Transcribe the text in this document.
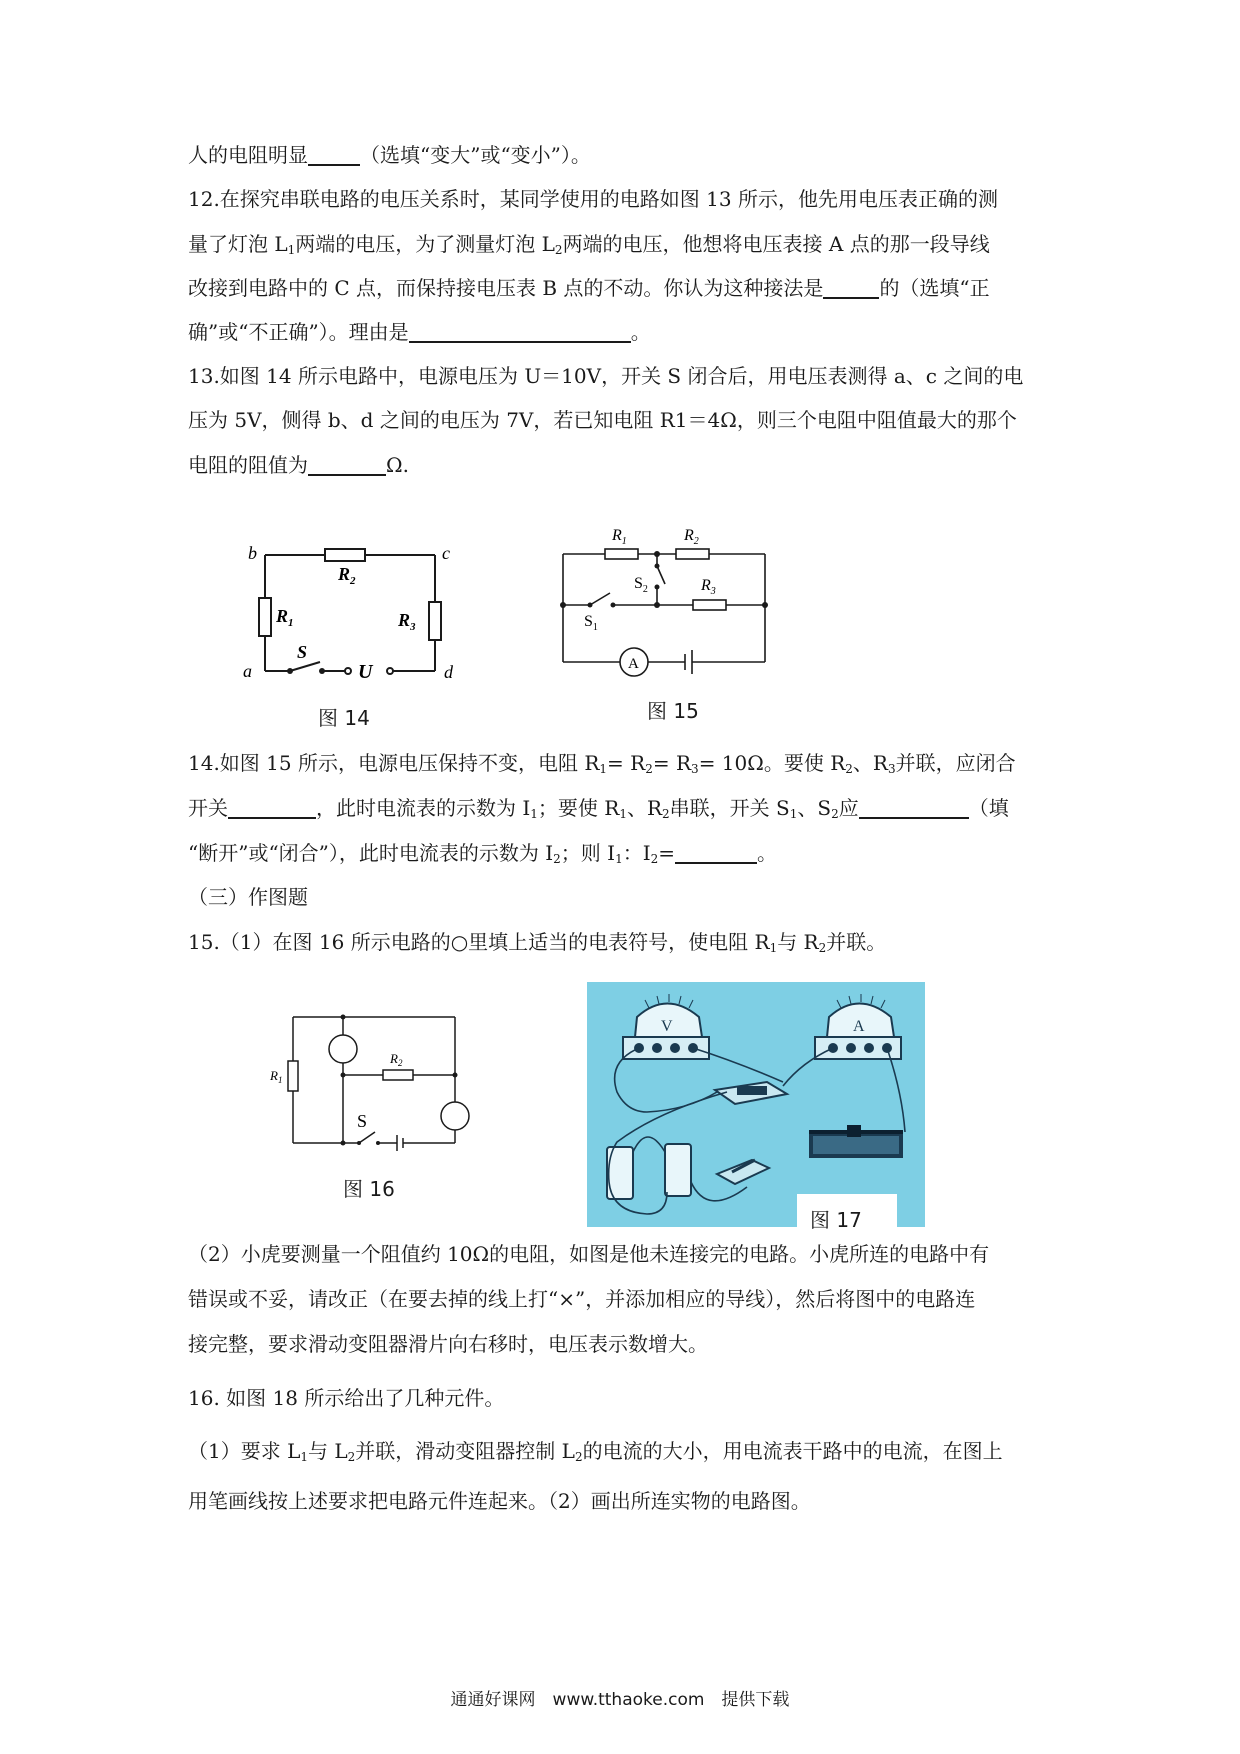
人的电阻明显	（选填“变大”或“变小”）。
12.在探究串联电路的电压关系时，某同学使用的电路如图 13 所示，他先用电压表正确的测
量了灯泡 $L_1$两端的电压，为了测量灯泡 $L_2$两端的电压，他想将电压表接 A 点的那一段导线
改接到电路中的 C 点，而保持接电压表 B 点的不动。你认为这种接法是	的（选填“正
确”或“不正确”）。理由是	。
13.如图 14 所示电路中，电源电压为 U＝10V，开关 S 闭合后，用电压表测得 a、c 之间的电
压为 5V，侧得 b、d 之间的电压为 7V，若已知电阻 R1＝4Ω，则三个电阻中阻值最大的那个
电阻的阻值为	Ω.
b	c
a	d
$R_2$
$R_1$	$R_3$
S
U
图 14
$R_1$	$R_2$
$R_3$
$S_2$
$S_1$
A
图 15
14.如图 15 所示，电源电压保持不变，电阻 $R_1= R_2= R_3= 10\Omega$。要使 $R_2$、$R_3$并联，应闭合
开关	，此时电流表的示数为 $I_1$；要使 $R_1$、$R_2$串联，开关 $S_1$、$S_2$应	（填
“断开”或“闭合”），此时电流表的示数为 $I_2$；则 $I_1$：$I_2=$	。
（三）作图题
15.（1）在图 16 所示电路的○里填上适当的电表符号，使电阻 $R_1$与 $R_2$并联。
$R_1$
$R_2$
S
图 16
V	A
图 17
（2）小虎要测量一个阻值约 10Ω的电阻，如图是他未连接完的电路。小虎所连的电路中有
错误或不妥，请改正（在要去掉的线上打“×”，并添加相应的导线），然后将图中的电路连
接完整，要求滑动变阻器滑片向右移时，电压表示数增大。
16. 如图 18 所示给出了几种元件。
（1）要求 $L_1$与 $L_2$并联，滑动变阻器控制 $L_2$的电流的大小，用电流表干路中的电流，在图上
用笔画线按上述要求把电路元件连起来。（2）画出所连实物的电路图。
通通好课网　www.tthaoke.com　提供下载
